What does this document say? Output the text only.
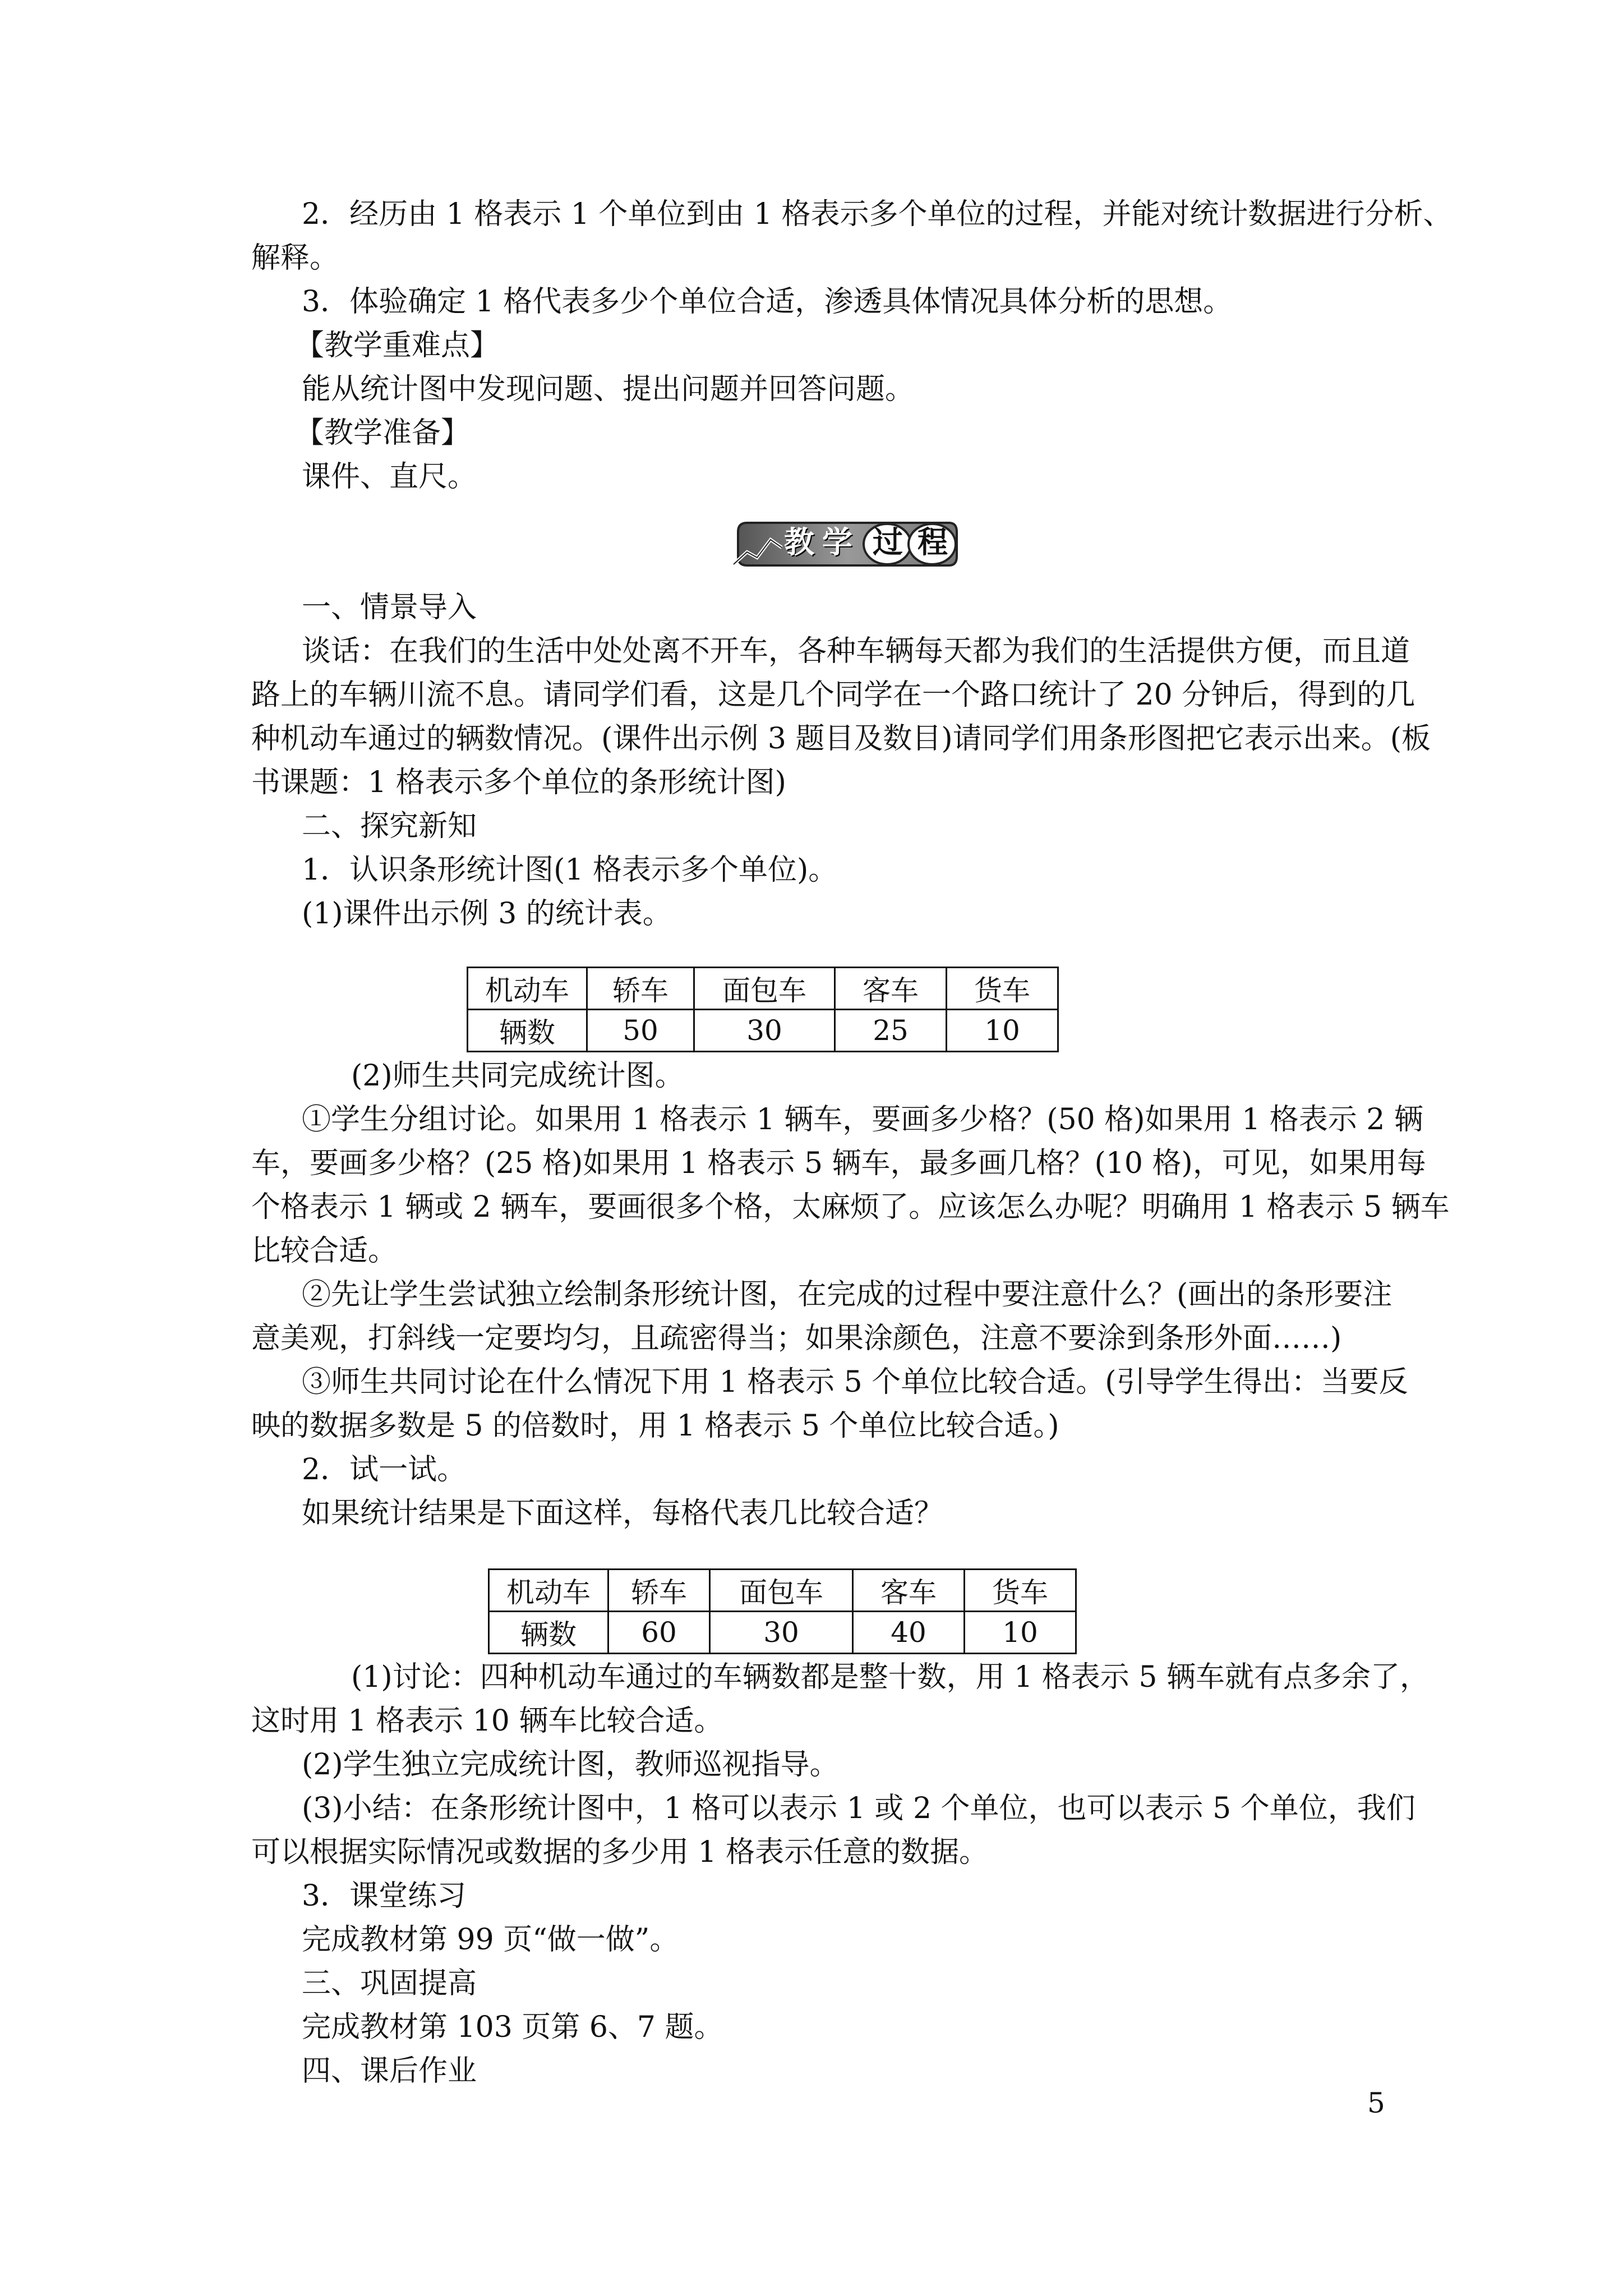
2．经历由 1 格表示 1 个单位到由 1 格表示多个单位的过程，并能对统计数据进行分析、
解释。
3．体验确定 1 格代表多少个单位合适，渗透具体情况具体分析的思想。
【教学重难点】
能从统计图中发现问题、提出问题并回答问题。
【教学准备】
课件、直尺。
教 学 过 程
一、情景导入
谈话：在我们的生活中处处离不开车，各种车辆每天都为我们的生活提供方便，而且道
路上的车辆川流不息。请同学们看，这是几个同学在一个路口统计了 20 分钟后，得到的几
种机动车通过的辆数情况。(课件出示例 3 题目及数目)请同学们用条形图把它表示出来。(板
书课题：1 格表示多个单位的条形统计图)
二、探究新知
1．认识条形统计图(1 格表示多个单位)。
(1)课件出示例 3 的统计表。
机动车	轿车	面包车	客车	货车
辆数	50	30	25	10
(2)师生共同完成统计图。
①学生分组讨论。如果用 1 格表示 1 辆车，要画多少格？(50 格)如果用 1 格表示 2 辆
车，要画多少格？(25 格)如果用 1 格表示 5 辆车，最多画几格？(10 格)，可见，如果用每
个格表示 1 辆或 2 辆车，要画很多个格，太麻烦了。应该怎么办呢？明确用 1 格表示 5 辆车
比较合适。
②先让学生尝试独立绘制条形统计图，在完成的过程中要注意什么？(画出的条形要注
意美观，打斜线一定要均匀，且疏密得当；如果涂颜色，注意不要涂到条形外面……)
③师生共同讨论在什么情况下用 1 格表示 5 个单位比较合适。(引导学生得出：当要反
映的数据多数是 5 的倍数时，用 1 格表示 5 个单位比较合适。)
2．试一试。
如果统计结果是下面这样，每格代表几比较合适？
机动车	轿车	面包车	客车	货车
辆数	60	30	40	10
(1)讨论：四种机动车通过的车辆数都是整十数，用 1 格表示 5 辆车就有点多余了，
这时用 1 格表示 10 辆车比较合适。
(2)学生独立完成统计图，教师巡视指导。
(3)小结：在条形统计图中，1 格可以表示 1 或 2 个单位，也可以表示 5 个单位，我们
可以根据实际情况或数据的多少用 1 格表示任意的数据。
3．课堂练习
完成教材第 99 页“做一做”。
三、巩固提高
完成教材第 103 页第 6、7 题。
四、课后作业
5
